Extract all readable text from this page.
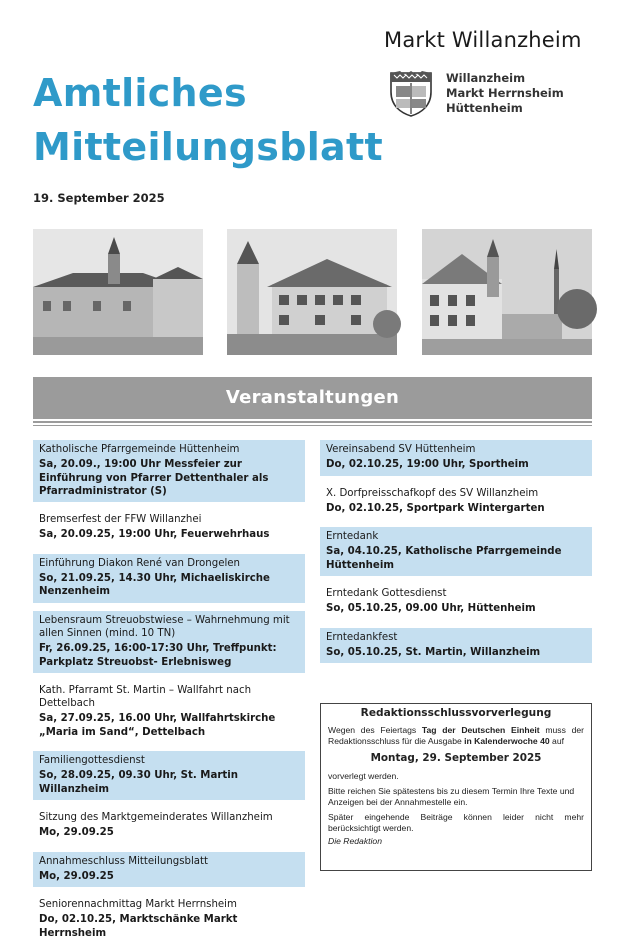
Markt Willanzheim
Willanzheim
Markt Herrnsheim
Hüttenheim
Amtliches
Mitteilungsblatt
19. September 2025
Veranstaltungen
Katholische Pfarrgemeinde Hüttenheim
Sa, 20.09., 19:00 Uhr Messfeier zur Einführung von Pfarrer Dettenthaler als Pfarradministrator (S)
Bremserfest der FFW Willanzhei
Sa, 20.09.25, 19:00 Uhr, Feuerwehrhaus
Einführung Diakon René van Drongelen
So, 21.09.25, 14.30 Uhr, Michaeliskirche Nenzenheim
Lebensraum Streuobstwiese – Wahrnehmung mit allen Sinnen (mind. 10 TN)
Fr, 26.09.25, 16:00-17:30 Uhr, Treffpunkt: Parkplatz Streuobst- Erlebnisweg
Kath. Pfarramt St. Martin – Wallfahrt nach Dettelbach
Sa, 27.09.25, 16.00 Uhr, Wallfahrtskirche „Maria im Sand“, Dettelbach
Familiengottesdienst
So, 28.09.25, 09.30 Uhr, St. Martin Willanzheim
Sitzung des Marktgemeinderates Willanzheim
Mo, 29.09.25
Annahmeschluss Mitteilungsblatt
Mo, 29.09.25
Seniorennachmittag Markt Herrnsheim
Do, 02.10.25, Marktschänke Markt Herrnsheim
Vereinsabend SV Hüttenheim
Do, 02.10.25, 19:00 Uhr, Sportheim
X. Dorfpreisschafkopf des SV Willanzheim
Do, 02.10.25, Sportpark Wintergarten
Erntedank
Sa, 04.10.25, Katholische Pfarrgemeinde Hüttenheim
Erntedank Gottesdienst
So, 05.10.25, 09.00 Uhr, Hüttenheim
Erntedankfest
So, 05.10.25, St. Martin, Willanzheim
Redaktionsschlussvorverlegung

Wegen des Feiertags Tag der Deutschen Einheit muss der Redaktionsschluss für die Ausgabe in Kalenderwoche 40 auf

Montag, 29. September 2025

vorverlegt werden.

Bitte reichen Sie spätestens bis zu diesem Termin Ihre Texte und Anzeigen bei der Annahmestelle ein.

Später eingehende Beiträge können leider nicht mehr berücksichtigt werden.

Die Redaktion
